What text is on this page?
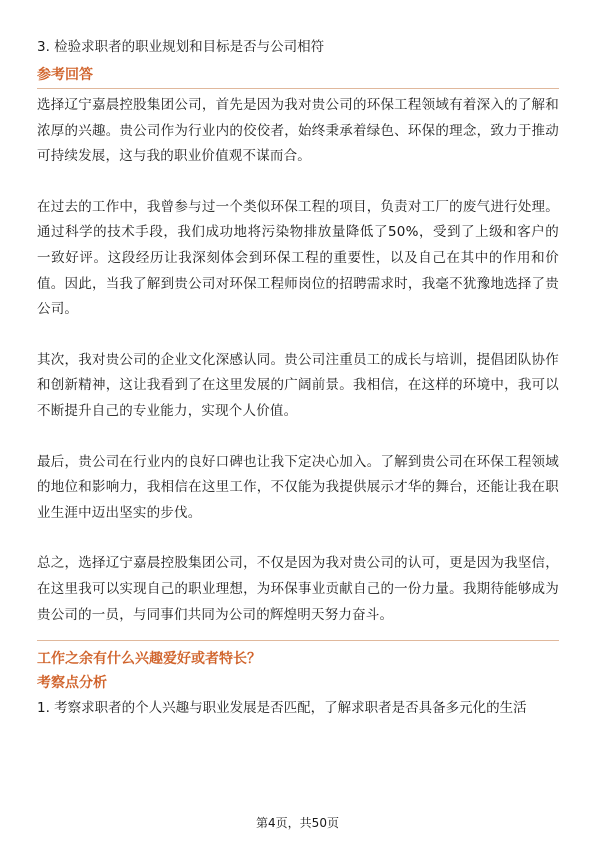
3. 检验求职者的职业规划和目标是否与公司相符

参考回答

选择辽宁嘉晨控股集团公司，首先是因为我对贵公司的环保工程领域有着深入的了解和浓厚的兴趣。贵公司作为行业内的佼佼者，始终秉承着绿色、环保的理念，致力于推动可持续发展，这与我的职业价值观不谋而合。

在过去的工作中，我曾参与过一个类似环保工程的项目，负责对工厂的废气进行处理。通过科学的技术手段，我们成功地将污染物排放量降低了50%，受到了上级和客户的一致好评。这段经历让我深刻体会到环保工程的重要性，以及自己在其中的作用和价值。因此，当我了解到贵公司对环保工程师岗位的招聘需求时，我毫不犹豫地选择了贵公司。

其次，我对贵公司的企业文化深感认同。贵公司注重员工的成长与培训，提倡团队协作和创新精神，这让我看到了在这里发展的广阔前景。我相信，在这样的环境中，我可以不断提升自己的专业能力，实现个人价值。

最后，贵公司在行业内的良好口碑也让我下定决心加入。了解到贵公司在环保工程领域的地位和影响力，我相信在这里工作，不仅能为我提供展示才华的舞台，还能让我在职业生涯中迈出坚实的步伐。

总之，选择辽宁嘉晨控股集团公司，不仅是因为我对贵公司的认可，更是因为我坚信，在这里我可以实现自己的职业理想，为环保事业贡献自己的一份力量。我期待能够成为贵公司的一员，与同事们共同为公司的辉煌明天努力奋斗。

工作之余有什么兴趣爱好或者特长？

考察点分析

1. 考察求职者的个人兴趣与职业发展是否匹配，了解求职者是否具备多元化的生活

第4页，共50页
